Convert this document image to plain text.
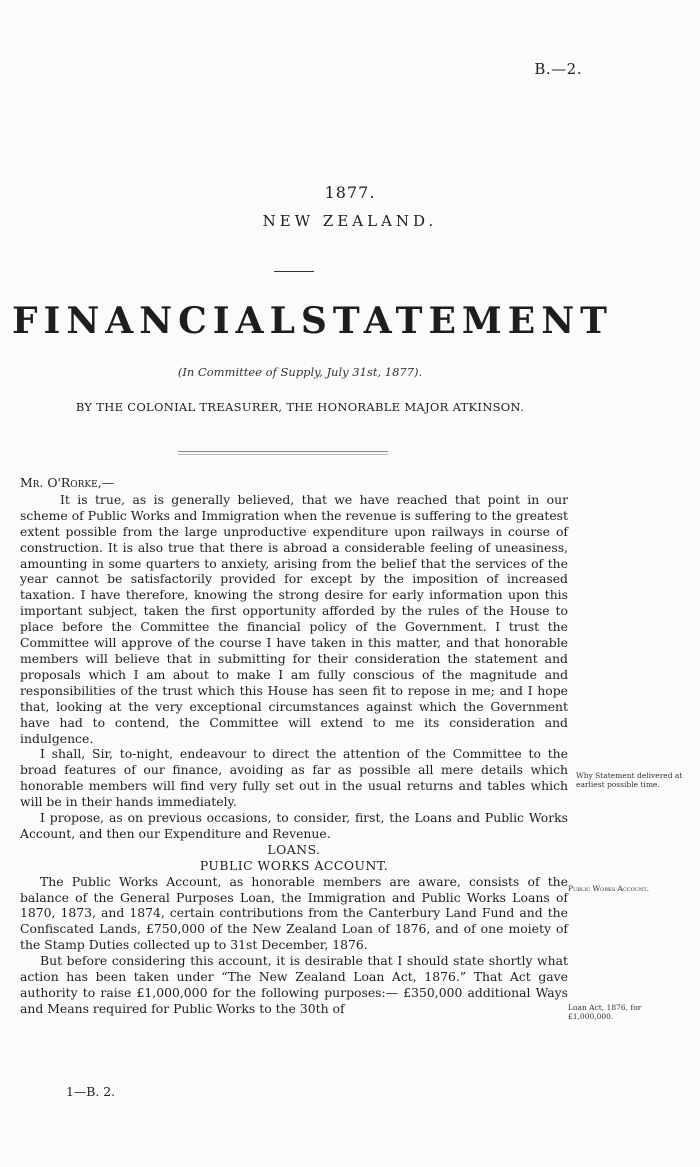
B.—2.
1877.
NEW ZEALAND.
FINANCIAL STATEMENT
(In Committee of Supply, July 31st, 1877).
BY THE COLONIAL TREASURER, THE HONORABLE MAJOR ATKINSON.

Mr. O'Rorke,—

It is true, as is generally believed, that we have reached that point in our scheme of Public Works and Immigration when the revenue is suffering to the greatest extent possible from the large unproductive expenditure upon railways in course of construction. It is also true that there is abroad a considerable feeling of uneasiness, amounting in some quarters to anxiety, arising from the belief that the services of the year cannot be satisfactorily provided for except by the imposition of increased taxation. I have therefore, knowing the strong desire for early information upon this important subject, taken the first opportunity afforded by the rules of the House to place before the Committee the financial policy of the Government. I trust the Committee will approve of the course I have taken in this matter, and that honorable members will believe that in submitting for their consideration the statement and proposals which I am about to make I am fully conscious of the magnitude and responsibilities of the trust which this House has seen fit to repose in me; and I hope that, looking at the very exceptional circumstances against which the Government have had to contend, the Committee will extend to me its consideration and indulgence.

I shall, Sir, to-night, endeavour to direct the attention of the Committee to the broad features of our finance, avoiding as far as possible all mere details which honorable members will find very fully set out in the usual returns and tables which will be in their hands immediately.

I propose, as on previous occasions, to consider, first, the Loans and Public Works Account, and then our Expenditure and Revenue.

LOANS.

PUBLIC WORKS ACCOUNT.

The Public Works Account, as honorable members are aware, consists of the balance of the General Purposes Loan, the Immigration and Public Works Loans of 1870, 1873, and 1874, certain contributions from the Canterbury Land Fund and the Confiscated Lands, £750,000 of the New Zealand Loan of 1876, and of one moiety of the Stamp Duties collected up to 31st December, 1876.

But before considering this account, it is desirable that I should state shortly what action has been taken under “The New Zealand Loan Act, 1876.” That Act gave authority to raise £1,000,000 for the following purposes:— £350,000 additional Ways and Means required for Public Works to the 30th of

Why Statement delivered at earliest possible time.
Public Works Account.
Loan Act, 1876, for £1,000,000.
1—B. 2.
